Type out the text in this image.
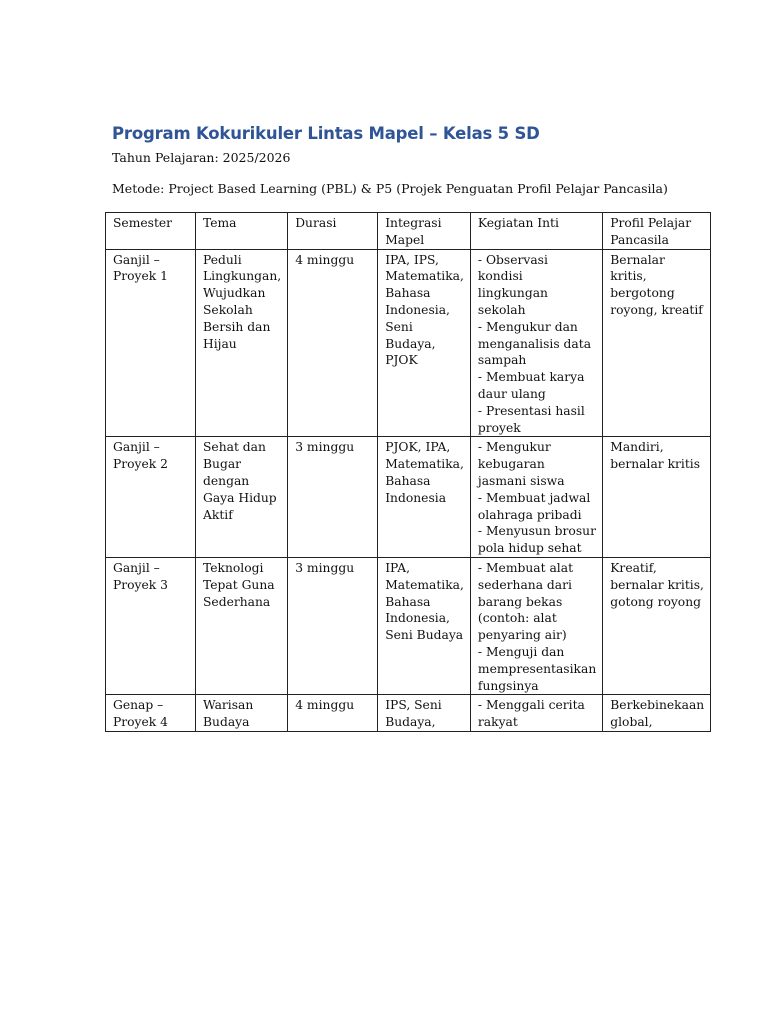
Program Kokurikuler Lintas Mapel – Kelas 5 SD
Tahun Pelajaran: 2025/2026
Metode: Project Based Learning (PBL) & P5 (Projek Penguatan Profil Pelajar Pancasila)
Semester	Tema	Durasi	Integrasi Mapel	Kegiatan Inti	Profil Pelajar Pancasila
Ganjil – Proyek 1	Peduli Lingkungan, Wujudkan Sekolah Bersih dan Hijau	4 minggu	IPA, IPS, Matematika, Bahasa Indonesia, Seni Budaya, PJOK	- Observasi kondisi lingkungan sekolah
- Mengukur dan menganalisis data sampah
- Membuat karya daur ulang
- Presentasi hasil proyek	Bernalar kritis, bergotong royong, kreatif
Ganjil – Proyek 2	Sehat dan Bugar dengan Gaya Hidup Aktif	3 minggu	PJOK, IPA, Matematika, Bahasa Indonesia	- Mengukur kebugaran jasmani siswa
- Membuat jadwal olahraga pribadi
- Menyusun brosur pola hidup sehat	Mandiri, bernalar kritis
Ganjil – Proyek 3	Teknologi Tepat Guna Sederhana	3 minggu	IPA, Matematika, Bahasa Indonesia, Seni Budaya	- Membuat alat sederhana dari barang bekas (contoh: alat penyaring air)
- Menguji dan mempresentasikan fungsinya	Kreatif, bernalar kritis, gotong royong
Genap – Proyek 4	Warisan Budaya	4 minggu	IPS, Seni Budaya,	- Menggali cerita rakyat	Berkebinekaan global,
